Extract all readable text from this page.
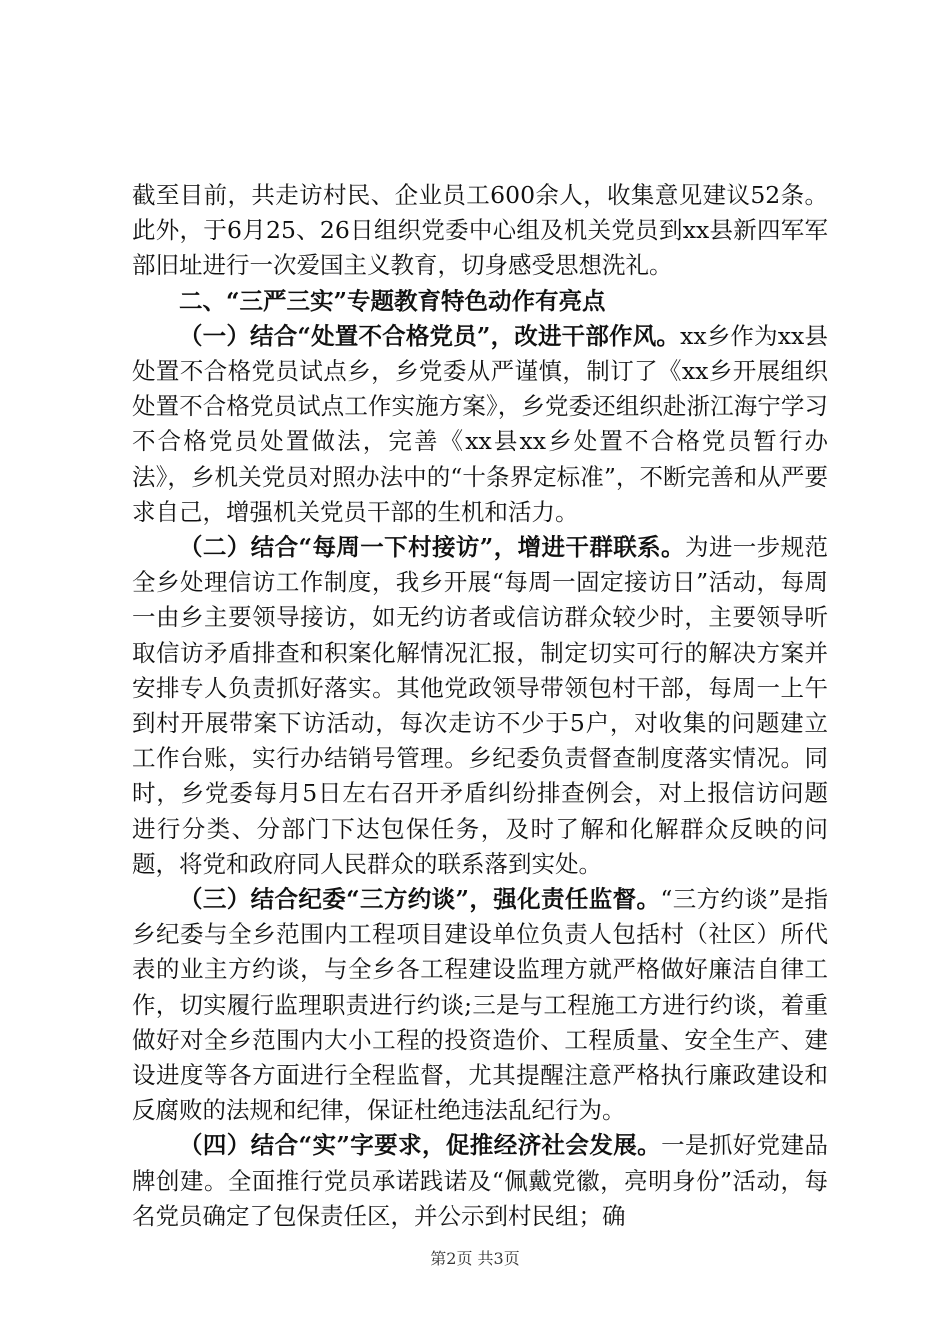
截至目前，共走访村民、企业员工600余人，收集意见建议52条。此外，于6月25、26日组织党委中心组及机关党员到xx县新四军军部旧址进行一次爱国主义教育，切身感受思想洗礼。

二、“三严三实”专题教育特色动作有亮点

（一）结合“处置不合格党员”，改进干部作风。xx乡作为xx县处置不合格党员试点乡，乡党委从严谨慎，制订了《xx乡开展组织处置不合格党员试点工作实施方案》，乡党委还组织赴浙江海宁学习不合格党员处置做法，完善《xx县xx乡处置不合格党员暂行办法》，乡机关党员对照办法中的“十条界定标准”，不断完善和从严要求自己，增强机关党员干部的生机和活力。

（二）结合“每周一下村接访”，增进干群联系。为进一步规范全乡处理信访工作制度，我乡开展“每周一固定接访日”活动，每周一由乡主要领导接访，如无约访者或信访群众较少时，主要领导听取信访矛盾排查和积案化解情况汇报，制定切实可行的解决方案并安排专人负责抓好落实。其他党政领导带领包村干部，每周一上午到村开展带案下访活动，每次走访不少于5户，对收集的问题建立工作台账，实行办结销号管理。乡纪委负责督查制度落实情况。同时，乡党委每月5日左右召开矛盾纠纷排查例会，对上报信访问题进行分类、分部门下达包保任务，及时了解和化解群众反映的问题，将党和政府同人民群众的联系落到实处。

（三）结合纪委“三方约谈”，强化责任监督。“三方约谈”是指乡纪委与全乡范围内工程项目建设单位负责人包括村（社区）所代表的业主方约谈，与全乡各工程建设监理方就严格做好廉洁自律工作，切实履行监理职责进行约谈;三是与工程施工方进行约谈，着重做好对全乡范围内大小工程的投资造价、工程质量、安全生产、建设进度等各方面进行全程监督，尤其提醒注意严格执行廉政建设和反腐败的法规和纪律，保证杜绝违法乱纪行为。

（四）结合“实”字要求，促推经济社会发展。一是抓好党建品牌创建。全面推行党员承诺践诺及“佩戴党徽，亮明身份”活动，每名党员确定了包保责任区，并公示到村民组；确

第2页 共3页
